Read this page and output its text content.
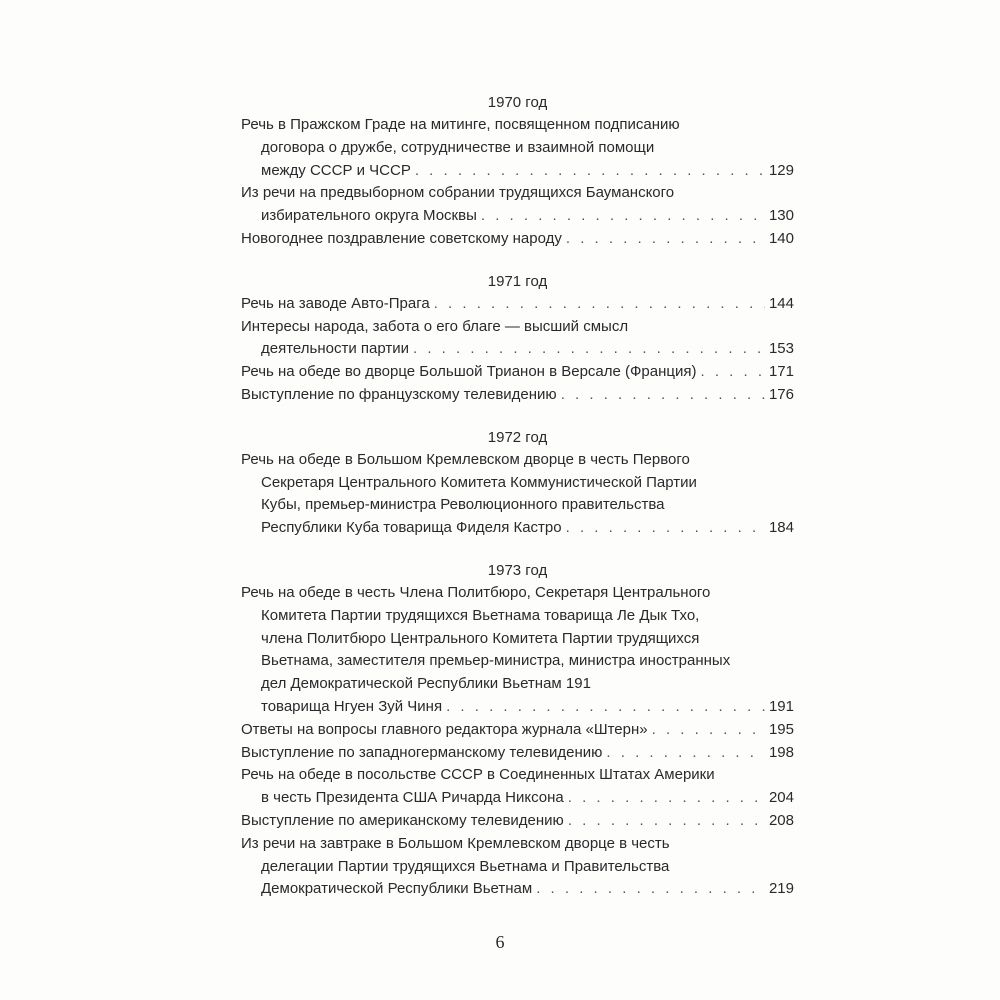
1970 год
Речь в Пражском Граде на митинге, посвященном подписанию
договора о дружбе, сотрудничестве и взаимной помощи
между СССР и ЧССР . . .	129
Из речи на предвыборном собрании трудящихся Бауманского
избирательного округа Москвы . . .	130
Новогоднее поздравление советскому народу . . .	140
1971 год
Речь на заводе Авто-Прага . . .	144
Интересы народа, забота о его благе — высший смысл
деятельности партии . . .	153
Речь на обеде во дворце Большой Трианон в Версале (Франция) . . .	171
Выступление по французскому телевидению . . .	176
1972 год
Речь на обеде в Большом Кремлевском дворце в честь Первого
Секретаря Центрального Комитета Коммунистической Партии
Кубы, премьер-министра Революционного правительства
Республики Куба товарища Фиделя Кастро . . .	184
1973 год
Речь на обеде в честь Члена Политбюро, Секретаря Центрального
Комитета Партии трудящихся Вьетнама товарища Ле Дык Тхо,
члена Политбюро Центрального Комитета Партии трудящихся
Вьетнама, заместителя премьер-министра, министра иностранных
дел Демократической Республики Вьетнам 191
товарища Нгуен Зуй Чиня . . .	191
Ответы на вопросы главного редактора журнала «Штерн» . . .	195
Выступление по западногерманскому телевидению . . .	198
Речь на обеде в посольстве СССР в Соединенных Штатах Америки
в честь Президента США Ричарда Никсона . . .	204
Выступление по американскому телевидению . . .	208
Из речи на завтраке в Большом Кремлевском дворце в честь
делегации Партии трудящихся Вьетнама и Правительства
Демократической Республики Вьетнам . . .	219
6
